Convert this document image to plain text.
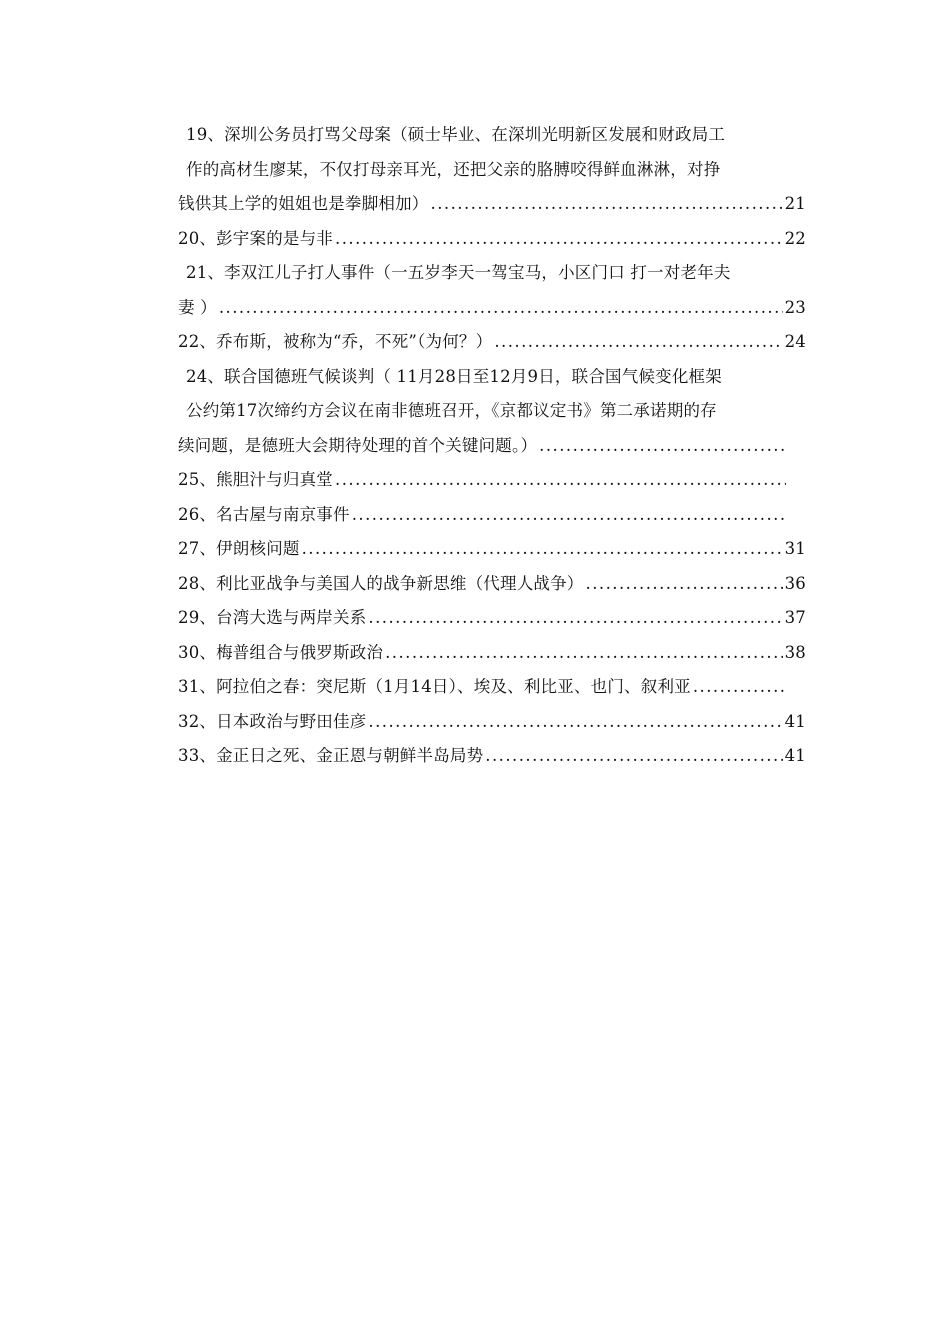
19、深圳公务员打骂父母案（硕士毕业、在深圳光明新区发展和财政局工
作的高材生廖某，不仅打母亲耳光，还把父亲的胳膊咬得鲜血淋淋，对挣
钱供其上学的姐姐也是拳脚相加） . . .	21
20、彭宇案的是与非 . . .	22
21、李双江儿子打人事件（一五岁李天一驾宝马，小区门口 打一对老年夫
妻 ） . . .	23
22、乔布斯，被称为“乔，不死”（为何？） . . .	24
24、联合国德班气候谈判（ 11月28日至12月9日，联合国气候变化框架
公约第17次缔约方会议在南非德班召开，《京都议定书》第二承诺期的存
续问题，是德班大会期待处理的首个关键问题。）
. . .
25、熊胆汁与归真堂
. . .
26、名古屋与南京事件
. . .
27、伊朗核问题 . . .	31
28、利比亚战争与美国人的战争新思维（代理人战争） . . .	36
29、台湾大选与两岸关系 . . .	37
30、梅普组合与俄罗斯政治 . . .	38
31、阿拉伯之春：突尼斯（1月14日）、埃及、利比亚、也门、叙利亚
. . .
32、日本政治与野田佳彦 . . .	41
33、金正日之死、金正恩与朝鲜半岛局势 . . .	41
